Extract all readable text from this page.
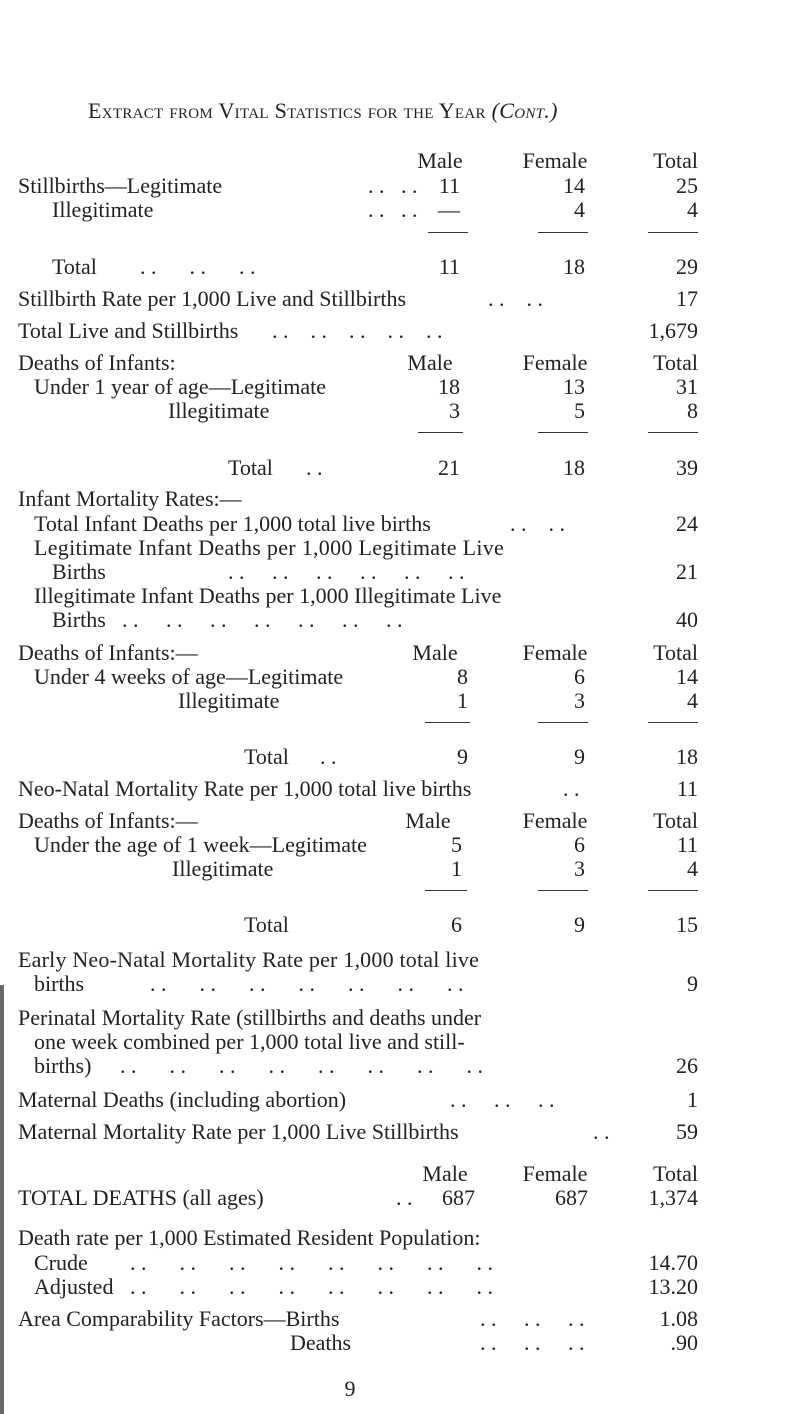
Extract from Vital Statistics for the Year (Cont.)
Male	Female	Total
Stillbirths—Legitimate	. .   . . 11	14	25
Illegitimate	. .   . . —	4	4
Total . .      . .      . .	11	18	29
Stillbirth Rate per 1,000 Live and Stillbirths	. .    . .	17
Total Live and Stillbirths . .    . .    . .    . .    . .	1,679
Deaths of Infants:	Male	Female	Total
Under 1 year of age—Legitimate	18	13	31
Illegitimate	3	5	8
Total . .	21	18	39
Infant Mortality Rates:—
Total Infant Deaths per 1,000 total live births	. .    . .	24
Legitimate Infant Deaths per 1,000 Legitimate Live
Births	. .     . .     . .     . .     . .     . .	21
Illegitimate Infant Deaths per 1,000 Illegitimate Live
Births . .     . .     . .     . .     . .     . .     . .	40
Deaths of Infants:—	Male	Female	Total
Under 4 weeks of age—Legitimate	8	6	14
Illegitimate	1	3	4
Total . .	9	9	18
Neo-Natal Mortality Rate per 1,000 total live births	. .	11
Deaths of Infants:—	Male	Female	Total
Under the age of 1 week—Legitimate	5	6	11
Illegitimate	1	3	4
Total	6	9	15
Early Neo-Natal Mortality Rate per 1,000 total live
births	. .      . .      . .      . .      . .      . .      . .	9
Perinatal Mortality Rate (stillbirths and deaths under
one week combined per 1,000 total live and still-
births) . .      . .      . .      . .      . .      . .      . .      . .	26
Maternal Deaths (including abortion)	. .     . .     . .	1
Maternal Mortality Rate per 1,000 Live Stillbirths	. .	59
Male	Female	Total
TOTAL DEATHS (all ages)	. .	687	687	1,374
Death rate per 1,000 Estimated Resident Population:
Crude . .      . .      . .      . .      . .      . .      . .      . .	14.70
Adjusted . .      . .      . .      . .      . .      . .      . .      . .	13.20
Area Comparability Factors—Births	. .     . .     . .	1.08
Deaths	. .     . .     . .	.90
9
